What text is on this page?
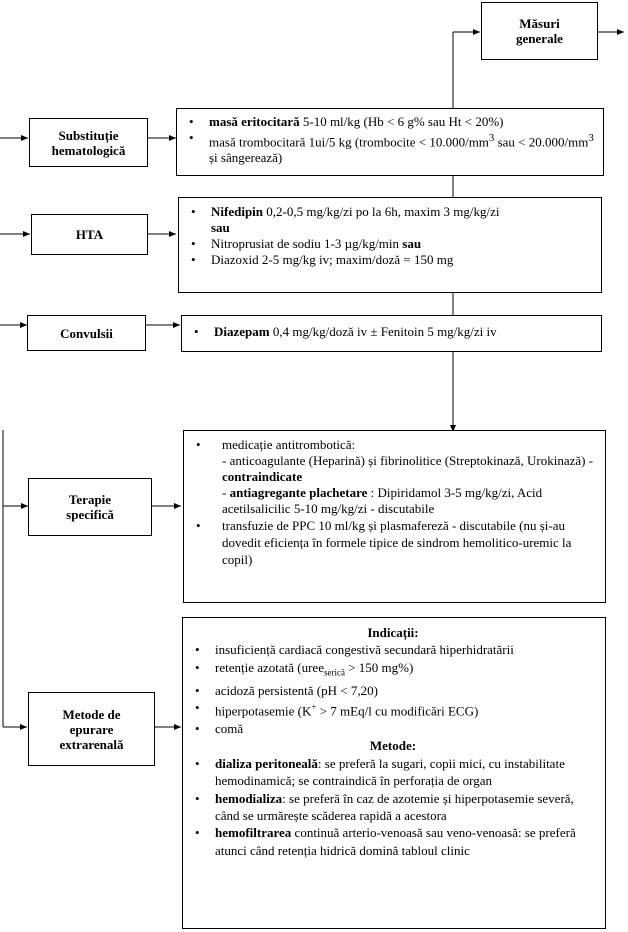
Măsuri
generale
Substituție
hematologică
• masă eritocitară 5-10 ml/kg (Hb < 6 g% sau Ht < 20%)
• masă trombocitară 1ui/5 kg (trombocite < $10.000/mm^3$ sau < $20.000/mm^3$ și sângerează)
HTA
• Nifedipin 0,2-0,5 mg/kg/zi po la 6h, maxim 3 mg/kg/zi
sau
• Nitroprusiat de sodiu 1-3 µg/kg/min sau
• Diazoxid 2-5 mg/kg iv; maxim/doză = 150 mg
Convulsii
•	Diazepam 0,4 mg/kg/doză iv ± Fenitoin 5 mg/kg/zi iv
Terapie
specifică
• medicație antitrombotică:
- anticoagulante (Heparină) și fibrinolitice (Streptokinază, Urokinază) - contraindicate
- antiagregante plachetare : Dipiridamol 3-5 mg/kg/zi, Acid acetilsalicilic 5-10 mg/kg/zi - discutabile
• transfuzie de PPC 10 ml/kg și plasmafereză - discutabile (nu și-au dovedit eficiența în formele tipice de sindrom hemolitico-uremic la copil)
Metode de
epurare
extrarenală
Indicații:
• insuficiență cardiacă congestivă secundară hiperhidratării
• retenție azotată (uree$_{serică}$ > 150 mg%)
• acidoză persistentă (pH < 7,20)
• hiperpotasemie (K+ > 7 mEq/l cu modificări ECG)
• comă
Metode:
• dializa peritoneală: se preferă la sugari, copii mici, cu instabilitate hemodinamică; se contraindică în perforația de organ
• hemodializa: se preferă în caz de azotemie și hiperpotasemie severă, când se urmărește scăderea rapidă a acestora
• hemofiltrarea continuă arterio-venoasă sau veno-venoasă: se preferă atunci când retenția hidrică domină tabloul clinic
